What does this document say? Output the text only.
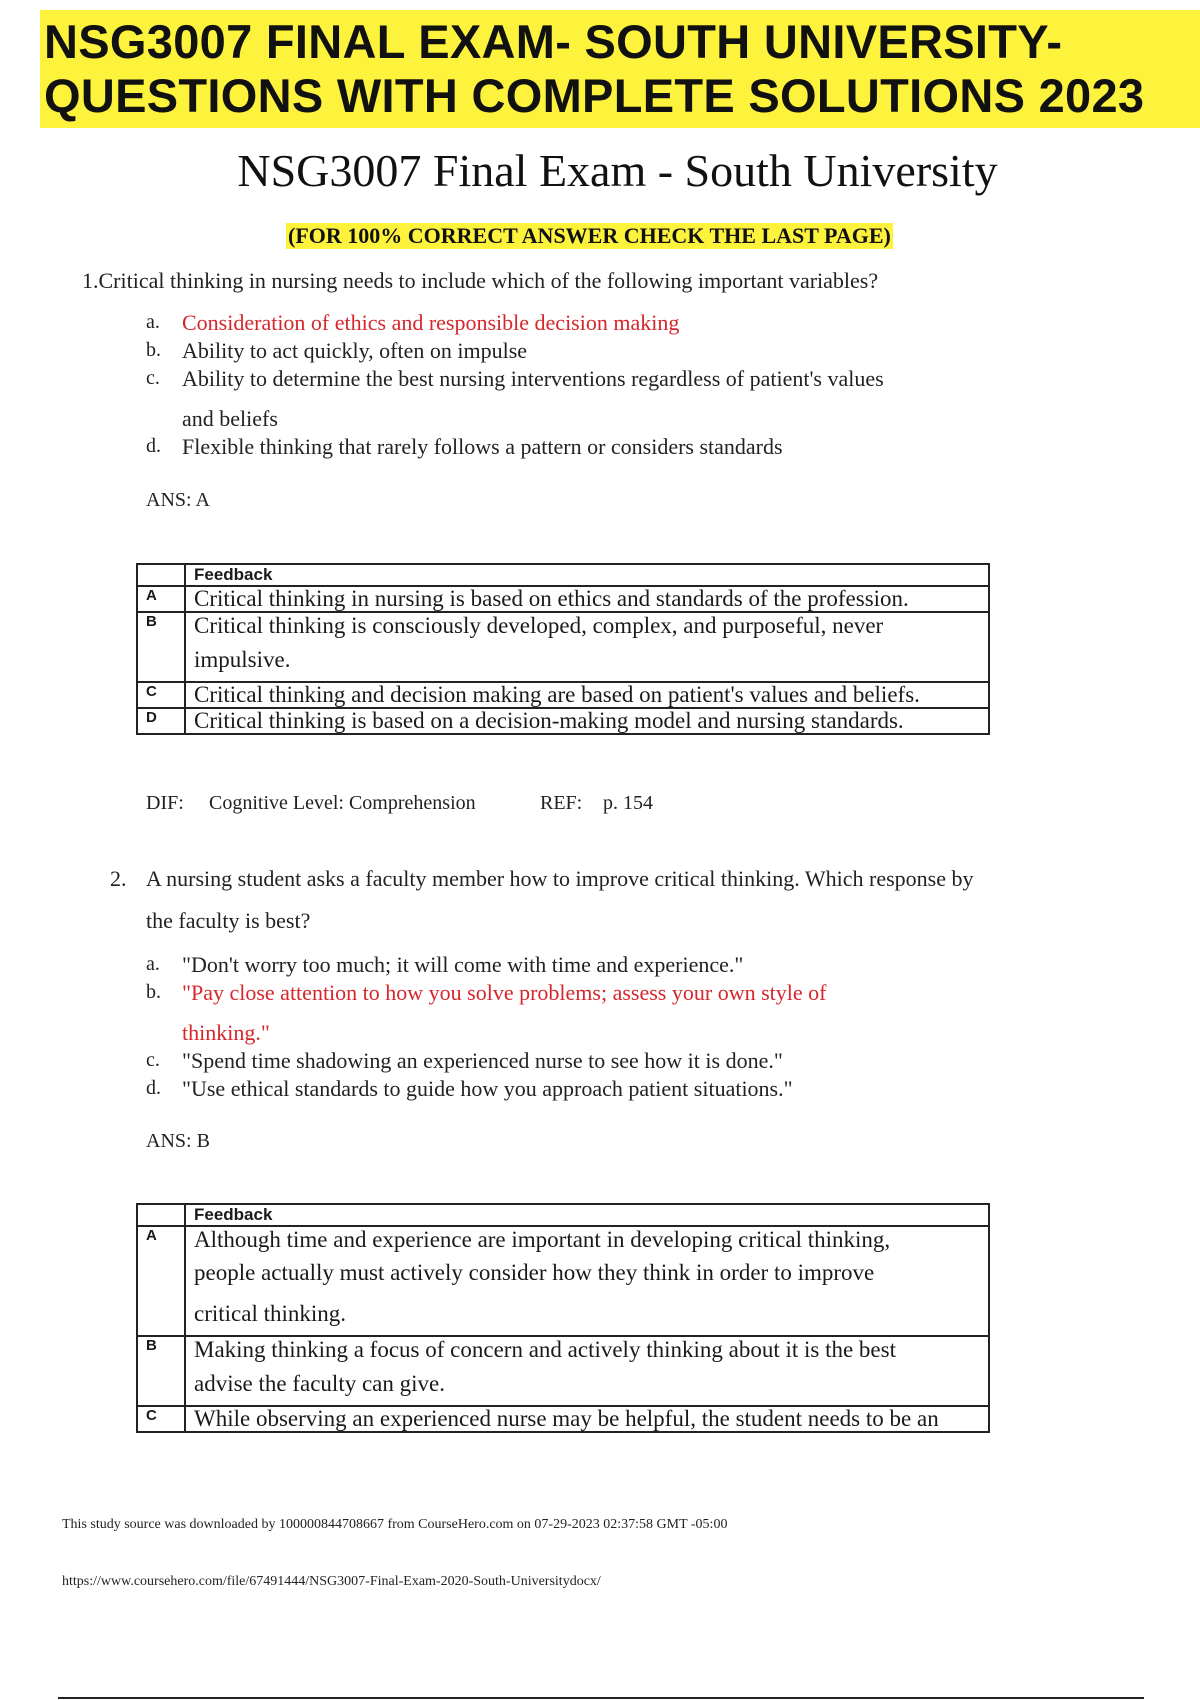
NSG3007 FINAL EXAM- SOUTH UNIVERSITY-
QUESTIONS WITH COMPLETE SOLUTIONS 2023
NSG3007 Final Exam - South University
(FOR 100% CORRECT ANSWER CHECK THE LAST PAGE)
1.Critical thinking in nursing needs to include which of the following important variables?
a. Consideration of ethics and responsible decision making
b. Ability to act quickly, often on impulse
c. Ability to determine the best nursing interventions regardless of patient's values
and beliefs
d. Flexible thinking that rarely follows a pattern or considers standards
ANS: A
	Feedback
A	Critical thinking in nursing is based on ethics and standards of the profession.
B	Critical thinking is consciously developed, complex, and purposeful, never
impulsive.

C	Critical thinking and decision making are based on patient's values and beliefs.
D	Critical thinking is based on a decision-making model and nursing standards.
DIF: Cognitive Level: Comprehension	REF: p. 154
2. A nursing student asks a faculty member how to improve critical thinking. Which response by
the faculty is best?
a. "Don't worry too much; it will come with time and experience."
b. "Pay close attention to how you solve problems; assess your own style of
thinking."
c. "Spend time shadowing an experienced nurse to see how it is done."
d. "Use ethical standards to guide how you approach patient situations."
ANS: B
	Feedback
A	Although time and experience are important in developing critical thinking,
people actually must actively consider how they think in order to improve
critical thinking.

B	Making thinking a focus of concern and actively thinking about it is the best
advise the faculty can give.

C	While observing an experienced nurse may be helpful, the student needs to be an
This study source was downloaded by 100000844708667 from CourseHero.com on 07-29-2023 02:37:58 GMT -05:00
https://www.coursehero.com/file/67491444/NSG3007-Final-Exam-2020-South-Universitydocx/
